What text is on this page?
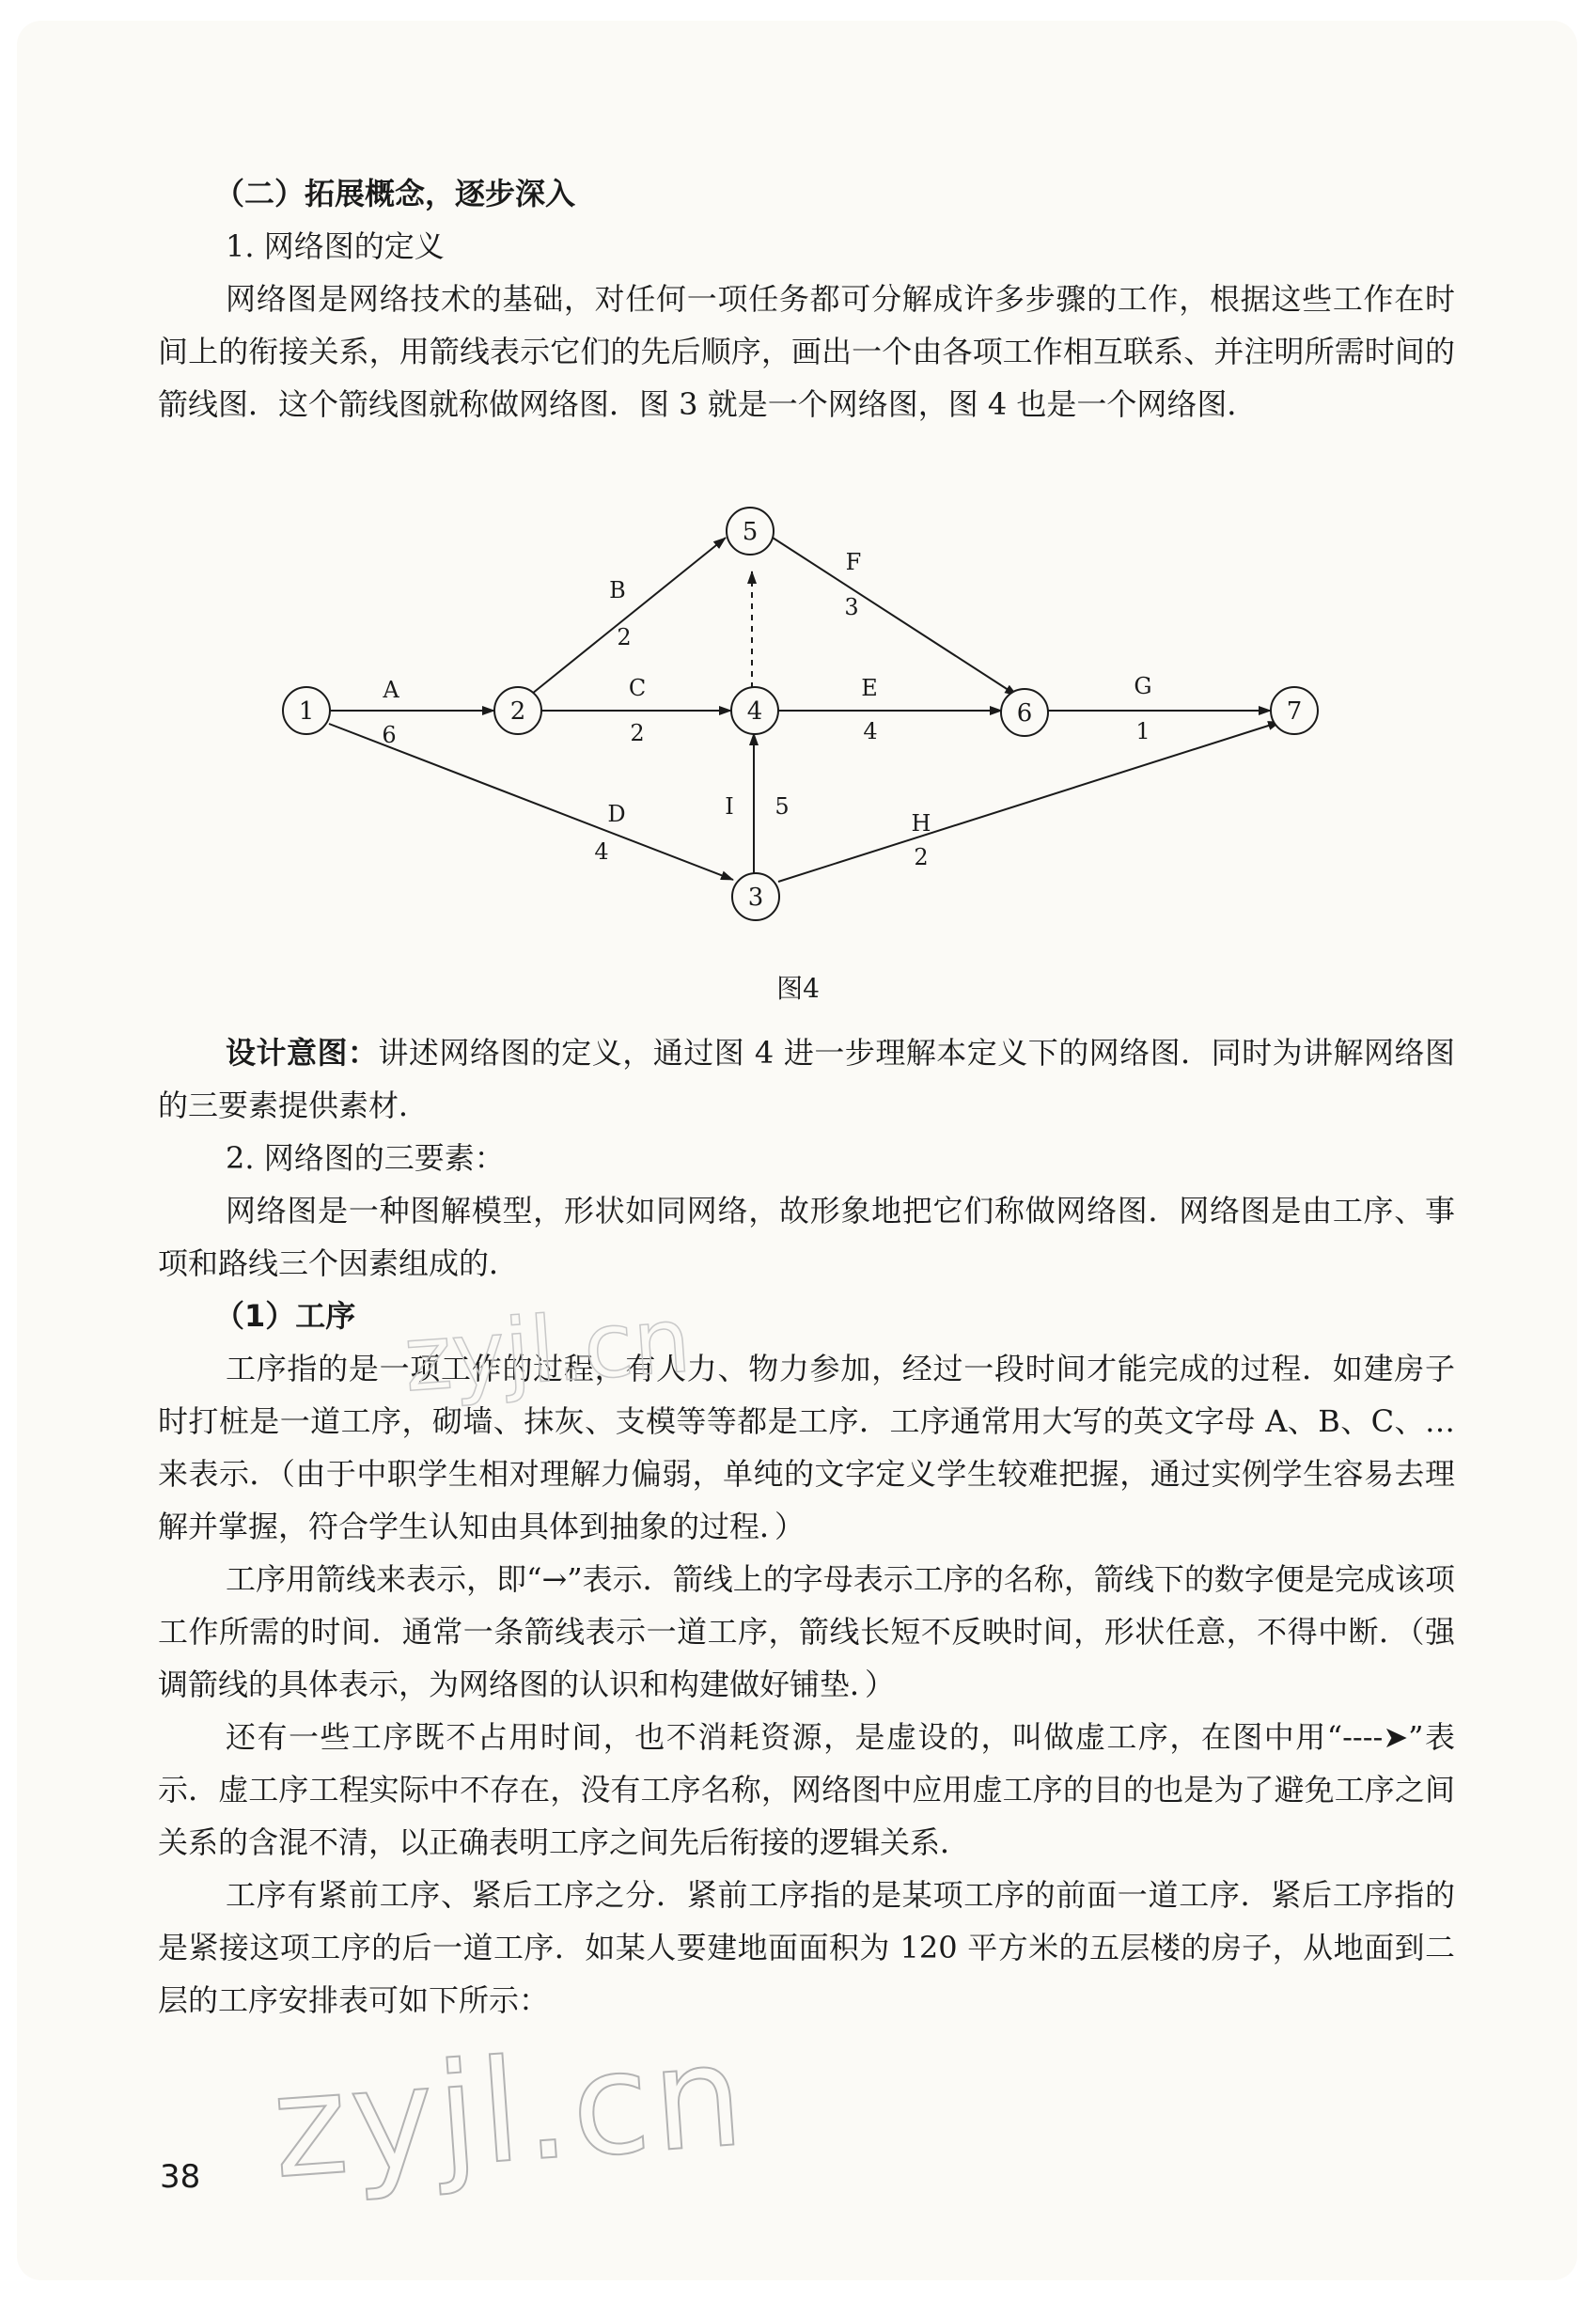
（二）拓展概念，逐步深入

1. 网络图的定义

网络图是网络技术的基础，对任何一项任务都可分解成许多步骤的工作，根据这些工作在时间上的衔接关系，用箭线表示它们的先后顺序，画出一个由各项工作相互联系、并注明所需时间的箭线图．这个箭线图就称做网络图．图 3 就是一个网络图，图 4 也是一个网络图．

1	2
3
4
5
6	7
A
6
B
2
C
2
D
4
E
4
F
3
G
1
H
2
I 5
图4

设计意图：讲述网络图的定义，通过图 4 进一步理解本定义下的网络图．同时为讲解网络图的三要素提供素材．

2. 网络图的三要素：

网络图是一种图解模型，形状如同网络，故形象地把它们称做网络图．网络图是由工序、事项和路线三个因素组成的．

（1）工序

工序指的是一项工作的过程，有人力、物力参加，经过一段时间才能完成的过程．如建房子时打桩是一道工序，砌墙、抹灰、支模等等都是工序．工序通常用大写的英文字母 A、B、C、…来表示．（由于中职学生相对理解力偏弱，单纯的文字定义学生较难把握，通过实例学生容易去理解并掌握，符合学生认知由具体到抽象的过程．）

工序用箭线来表示，即“→”表示．箭线上的字母表示工序的名称，箭线下的数字便是完成该项工作所需的时间．通常一条箭线表示一道工序，箭线长短不反映时间，形状任意，不得中断．（强调箭线的具体表示，为网络图的认识和构建做好铺垫．）

还有一些工序既不占用时间，也不消耗资源，是虚设的，叫做虚工序，在图中用“----➤”表示．虚工序工程实际中不存在，没有工序名称，网络图中应用虚工序的目的也是为了避免工序之间关系的含混不清，以正确表明工序之间先后衔接的逻辑关系．

工序有紧前工序、紧后工序之分．紧前工序指的是某项工序的前面一道工序．紧后工序指的是紧接这项工序的后一道工序．如某人要建地面面积为 120 平方米的五层楼的房子，从地面到二层的工序安排表可如下所示：

zyjl.cn
zyjl.cn
38
